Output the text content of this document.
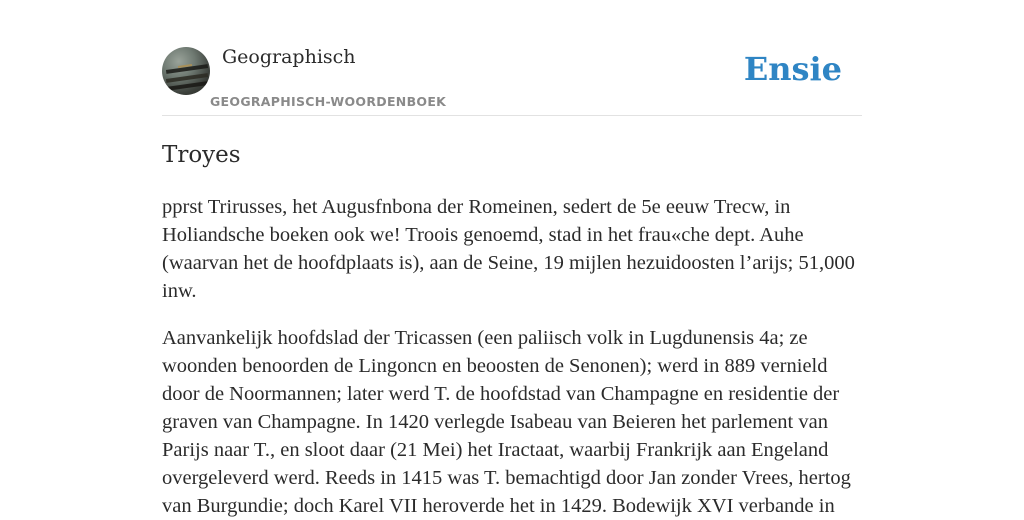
Geographisch
GEOGRAPHISCH-WOORDENBOEK
Ensie
Troyes

pprst Trirusses, het Augusfnbona der Romeinen, sedert de 5e eeuw Trecw, in Holiandsche boeken ook we! Troois genoemd, stad in het frau«che dept. Auhe (waarvan het de hoofdplaats is), aan de Seine, 19 mijlen hezuidoosten l’arijs; 51,000 inw.

Aanvankelijk hoofdslad der Tricassen (een paliisch volk in Lugdunensis 4a; ze woonden benoorden de Lingoncn en beoosten de Senonen); werd in 889 vernield door de Noormannen; later werd T. de hoofdstad van Champagne en residentie der graven van Champagne. In 1420 verlegde Isabeau van Beieren het parlement van Parijs naar T., en sloot daar (21 Mei) het Iractaat, waarbij Frankrijk aan Engeland overgeleverd werd. Reeds in 1415 was T. bemachtigd door Jan zonder Vrees, hertog van Burgundie; doch Karel VII heroverde het in 1429. Bodewijk XVI verbande in
